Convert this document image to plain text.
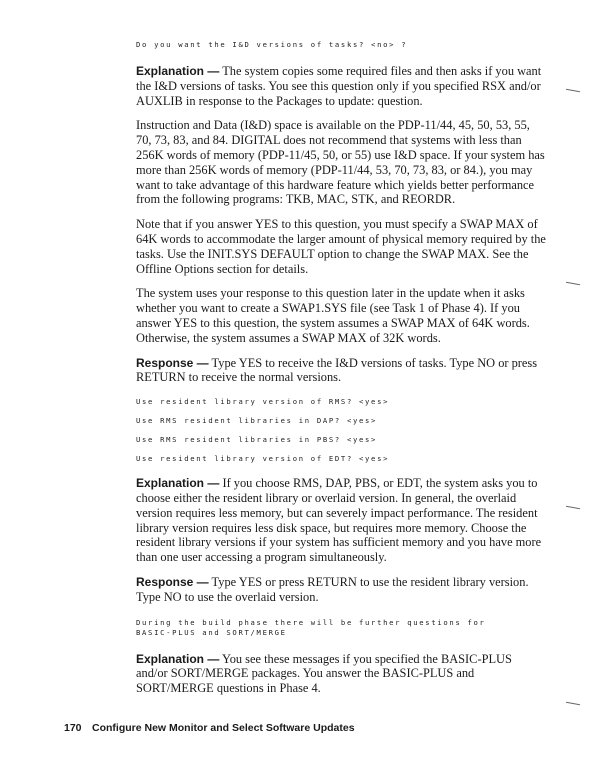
Do you want the I&D versions of tasks? <no> ?

Explanation — The system copies some required files and then asks if you want the I&D versions of tasks. You see this question only if you specified RSX and/or AUXLIB in response to the Packages to update: question.

Instruction and Data (I&D) space is available on the PDP-11/44, 45, 50, 53, 55, 70, 73, 83, and 84. DIGITAL does not recommend that systems with less than 256K words of memory (PDP-11/45, 50, or 55) use I&D space. If your system has more than 256K words of memory (PDP-11/44, 53, 70, 73, 83, or 84.), you may want to take advantage of this hardware feature which yields better performance from the following programs: TKB, MAC, STK, and REORDR.

Note that if you answer YES to this question, you must specify a SWAP MAX of 64K words to accommodate the larger amount of physical memory required by the tasks. Use the INIT.SYS DEFAULT option to change the SWAP MAX. See the Offline Options section for details.

The system uses your response to this question later in the update when it asks whether you want to create a SWAP1.SYS file (see Task 1 of Phase 4). If you answer YES to this question, the system assumes a SWAP MAX of 64K words. Otherwise, the system assumes a SWAP MAX of 32K words.

Response — Type YES to receive the I&D versions of tasks. Type NO or press RETURN to receive the normal versions.

Use resident library version of RMS? <yes>
Use RMS resident libraries in DAP? <yes>
Use RMS resident libraries in PBS? <yes>
Use resident library version of EDT? <yes>

Explanation — If you choose RMS, DAP, PBS, or EDT, the system asks you to choose either the resident library or overlaid version. In general, the overlaid version requires less memory, but can severely impact performance. The resident library version requires less disk space, but requires more memory. Choose the resident library versions if your system has sufficient memory and you have more than one user accessing a program simultaneously.

Response — Type YES or press RETURN to use the resident library version. Type NO to use the overlaid version.

During the build phase there will be further questions for
BASIC-PLUS and SORT/MERGE

Explanation — You see these messages if you specified the BASIC-PLUS and/or SORT/MERGE packages. You answer the BASIC-PLUS and SORT/MERGE questions in Phase 4.

170 Configure New Monitor and Select Software Updates
